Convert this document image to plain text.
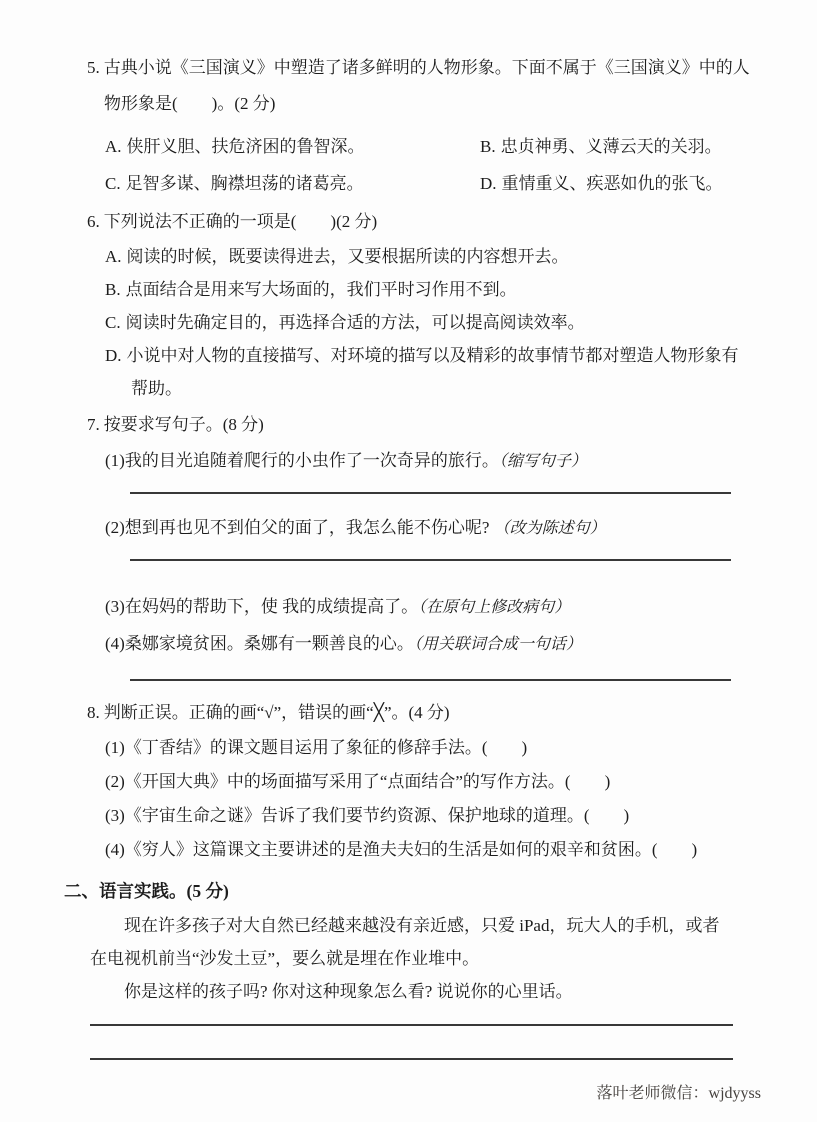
5. 古典小说《三国演义》中塑造了诸多鲜明的人物形象。下面不属于《三国演义》中的人物形象是(　　)。(2 分)
A. 侠肝义胆、扶危济困的鲁智深。	B. 忠贞神勇、义薄云天的关羽。
C. 足智多谋、胸襟坦荡的诸葛亮。	D. 重情重义、疾恶如仇的张飞。
6. 下列说法不正确的一项是(　　)(2 分)
A. 阅读的时候，既要读得进去，又要根据所读的内容想开去。
B. 点面结合是用来写大场面的，我们平时习作用不到。
C. 阅读时先确定目的，再选择合适的方法，可以提高阅读效率。
D. 小说中对人物的直接描写、对环境的描写以及精彩的故事情节都对塑造人物形象有帮助。
7. 按要求写句子。(8 分)
(1)我的目光追随着爬行的小虫作了一次奇异的旅行。（缩写句子）
(2)想到再也见不到伯父的面了，我怎么能不伤心呢? （改为陈述句）
(3)在妈妈的帮助下，使 我的成绩提高了。（在原句上修改病句）
(4)桑娜家境贫困。桑娜有一颗善良的心。（用关联词合成一句话）
8. 判断正误。正确的画“√”，错误的画“╳”。(4 分)
(1)《丁香结》的课文题目运用了象征的修辞手法。(　　)
(2)《开国大典》中的场面描写采用了“点面结合”的写作方法。(　　)
(3)《宇宙生命之谜》告诉了我们要节约资源、保护地球的道理。(　　)
(4)《穷人》这篇课文主要讲述的是渔夫夫妇的生活是如何的艰辛和贫困。(　　)
二、语言实践。(5 分)

现在许多孩子对大自然已经越来越没有亲近感，只爱 iPad，玩大人的手机，或者在电视机前当“沙发土豆”，要么就是埋在作业堆中。

你是这样的孩子吗? 你对这种现象怎么看? 说说你的心里话。

落叶老师微信：wjdyyss
